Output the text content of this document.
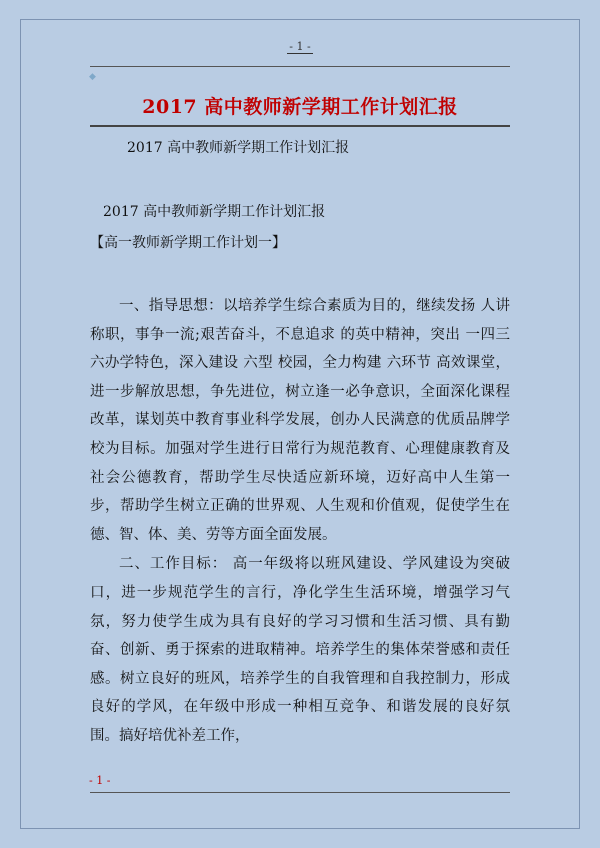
- 1 -
◆
2017 高中教师新学期工作计划汇报
2017 高中教师新学期工作计划汇报
2017 高中教师新学期工作计划汇报
【高一教师新学期工作计划一】

一、指导思想：以培养学生综合素质为目的，继续发扬 人讲称职，事争一流;艰苦奋斗，不息追求 的英中精神，突出 一四三六办学特色，深入建设 六型 校园，全力构建 六环节 高效课堂，进一步解放思想，争先进位，树立逢一必争意识，全面深化课程改革，谋划英中教育事业科学发展，创办人民满意的优质品牌学校为目标。加强对学生进行日常行为规范教育、心理健康教育及社会公德教育，帮助学生尽快适应新环境，迈好高中人生第一步，帮助学生树立正确的世界观、人生观和价值观，促使学生在德、智、体、美、劳等方面全面发展。

二、工作目标： 高一年级将以班风建设、学风建设为突破口，进一步规范学生的言行，净化学生生活环境，增强学习气氛，努力使学生成为具有良好的学习习惯和生活习惯、具有勤奋、创新、勇于探索的进取精神。培养学生的集体荣誉感和责任感。树立良好的班风，培养学生的自我管理和自我控制力，形成良好的学风，在年级中形成一种相互竞争、和谐发展的良好氛围。搞好培优补差工作，

- 1 -
